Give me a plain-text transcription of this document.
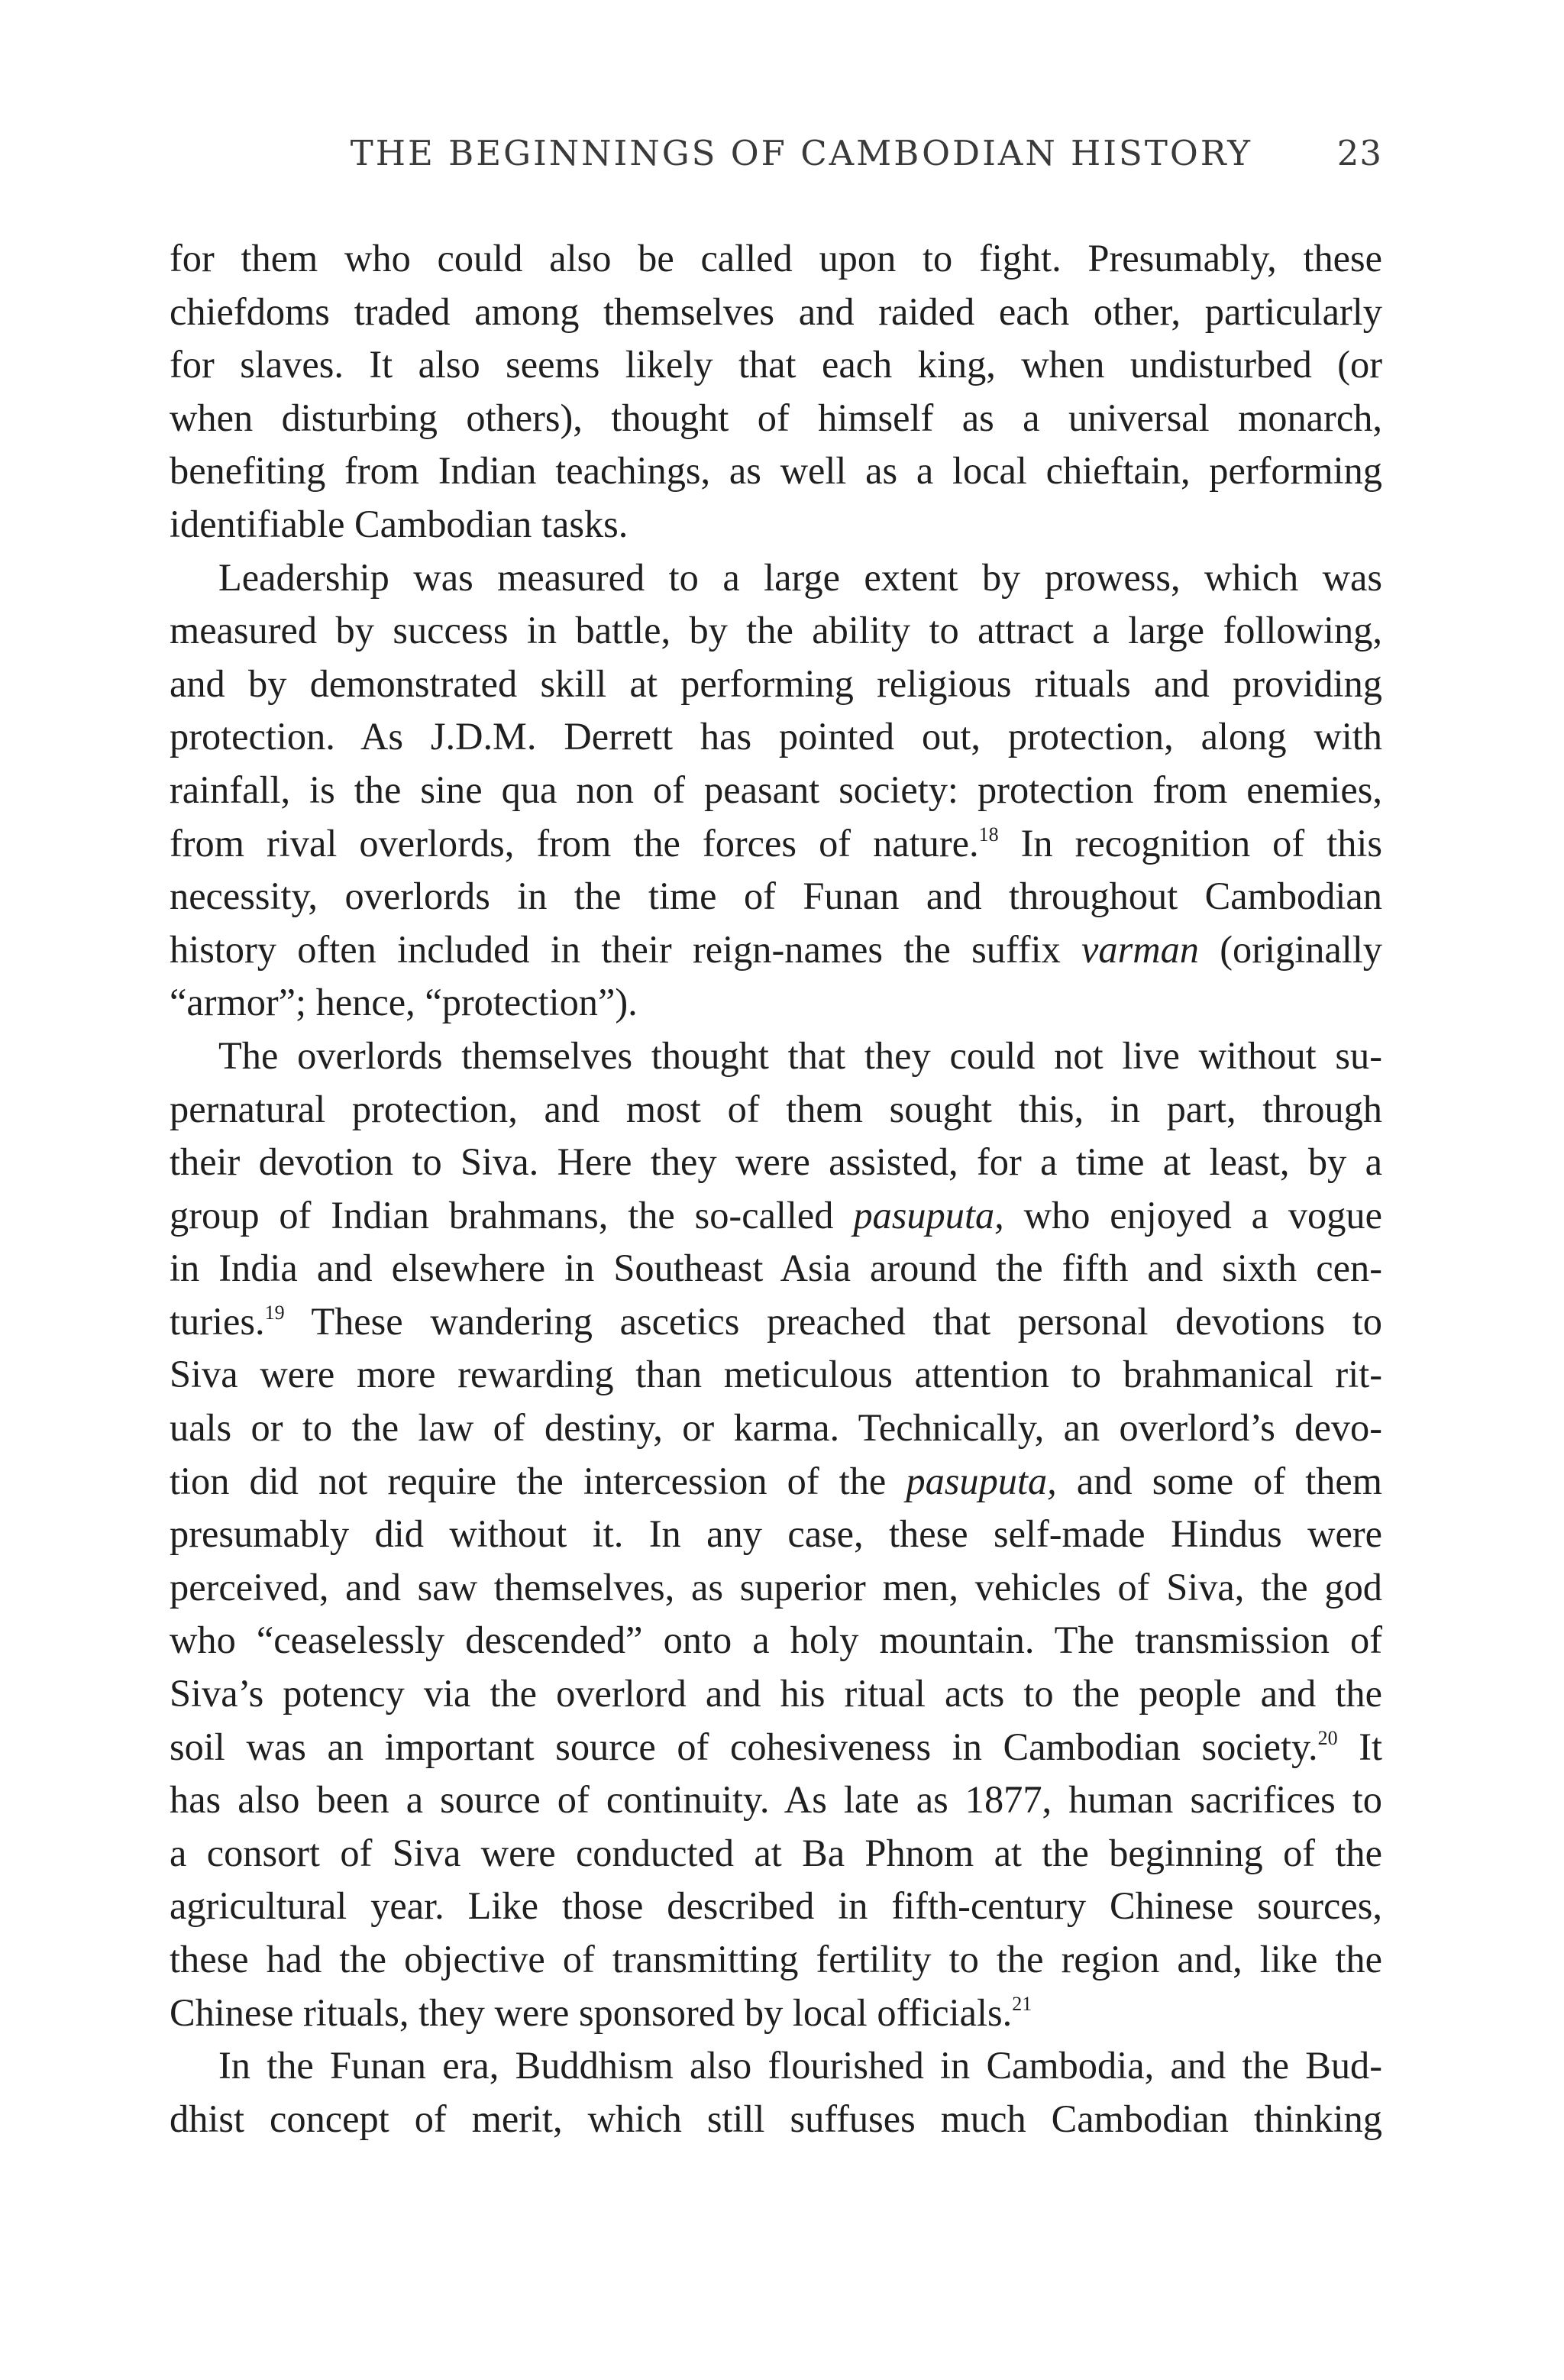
THE BEGINNINGS OF CAMBODIAN HISTORY 23

for them who could also be called upon to fight. Presumably, these
chiefdoms traded among themselves and raided each other, particularly
for slaves. It also seems likely that each king, when undisturbed (or
when disturbing others), thought of himself as a universal monarch,
benefiting from Indian teachings, as well as a local chieftain, performing
identifiable Cambodian tasks.

Leadership was measured to a large extent by prowess, which was
measured by success in battle, by the ability to attract a large following,
and by demonstrated skill at performing religious rituals and providing
protection. As J.D.M. Derrett has pointed out, protection, along with
rainfall, is the sine qua non of peasant society: protection from enemies,
from rival overlords, from the forces of nature.$^{18}$ In recognition of this
necessity, overlords in the time of Funan and throughout Cambodian
history often included in their reign-names the suffix varman (originally
“armor”; hence, “protection”).

The overlords themselves thought that they could not live without su-
pernatural protection, and most of them sought this, in part, through
their devotion to Siva. Here they were assisted, for a time at least, by a
group of Indian brahmans, the so-called pasuputa, who enjoyed a vogue
in India and elsewhere in Southeast Asia around the fifth and sixth cen-
turies.$^{19}$ These wandering ascetics preached that personal devotions to
Siva were more rewarding than meticulous attention to brahmanical rit-
uals or to the law of destiny, or karma. Technically, an overlord’s devo-
tion did not require the intercession of the pasuputa, and some of them
presumably did without it. In any case, these self-made Hindus were
perceived, and saw themselves, as superior men, vehicles of Siva, the god
who “ceaselessly descended” onto a holy mountain. The transmission of
Siva’s potency via the overlord and his ritual acts to the people and the
soil was an important source of cohesiveness in Cambodian society.$^{20}$ It
has also been a source of continuity. As late as 1877, human sacrifices to
a consort of Siva were conducted at Ba Phnom at the beginning of the
agricultural year. Like those described in fifth-century Chinese sources,
these had the objective of transmitting fertility to the region and, like the
Chinese rituals, they were sponsored by local officials.$^{21}$

In the Funan era, Buddhism also flourished in Cambodia, and the Bud-
dhist concept of merit, which still suffuses much Cambodian thinking
